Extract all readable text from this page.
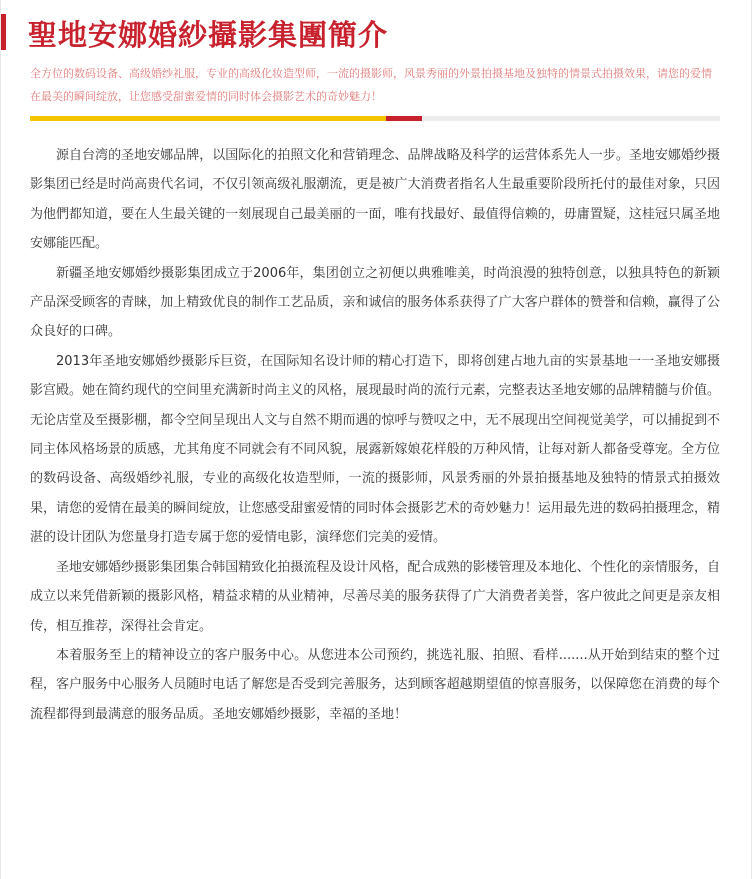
聖地安娜婚紗攝影集團簡介
全方位的数码设备、高级婚纱礼服，专业的高级化妆造型师，一流的摄影师，风景秀丽的外景拍摄基地及独特的情景式拍摄效果，请您的爱情在最美的瞬间绽放，让您感受甜蜜爱情的同时体会摄影艺术的奇妙魅力！

源自台湾的圣地安娜品牌，以国际化的拍照文化和营销理念、品牌战略及科学的运营体系先人一步。圣地安娜婚纱摄影集团已经是时尚高贵代名词，不仅引领高级礼服潮流，更是被广大消费者指名人生最重要阶段所托付的最佳对象，只因为他們都知道，要在人生最关键的一刻展现自己最美丽的一面，唯有找最好、最值得信赖的，毋庸置疑，这桂冠只属圣地安娜能匹配。

新疆圣地安娜婚纱摄影集团成立于2006年，集团创立之初便以典雅唯美，时尚浪漫的独特创意，以独具特色的新颖产品深受顾客的青睐，加上精致优良的制作工艺品质，亲和诚信的服务体系获得了广大客户群体的赞誉和信赖，赢得了公众良好的口碑。

2013年圣地安娜婚纱摄影斥巨资，在国际知名设计师的精心打造下，即将创建占地九亩的实景基地一一圣地安娜摄影宫殿。她在简约现代的空间里充满新时尚主义的风格，展现最时尚的流行元素，完整表达圣地安娜的品牌精髓与价值。无论店堂及至摄影棚，都令空间呈现出人文与自然不期而遇的惊呼与赞叹之中，无不展现出空间视觉美学，可以捕捉到不同主体风格场景的质感，尤其角度不同就会有不同风貌，展露新嫁娘花样般的万种风情，让每对新人都备受尊宠。全方位的数码设备、高级婚纱礼服，专业的高级化妆造型师，一流的摄影师，风景秀丽的外景拍摄基地及独特的情景式拍摄效果，请您的爱情在最美的瞬间绽放，让您感受甜蜜爱情的同时体会摄影艺术的奇妙魅力！运用最先进的数码拍摄理念，精湛的设计团队为您量身打造专属于您的爱情电影，演绎您们完美的爱情。

圣地安娜婚纱摄影集团集合韩国精致化拍摄流程及设计风格，配合成熟的影楼管理及本地化、个性化的亲情服务，自成立以来凭借新颖的摄影风格，精益求精的从业精神，尽善尽美的服务获得了广大消费者美誉，客户彼此之间更是亲友相传，相互推荐，深得社会肯定。

本着服务至上的精神设立的客户服务中心。从您进本公司预约，挑选礼服、拍照、看样.......从开始到结束的整个过程，客户服务中心服务人员随时电话了解您是否受到完善服务，达到顾客超越期望值的惊喜服务，以保障您在消费的每个流程都得到最满意的服务品质。圣地安娜婚纱摄影，幸福的圣地！
